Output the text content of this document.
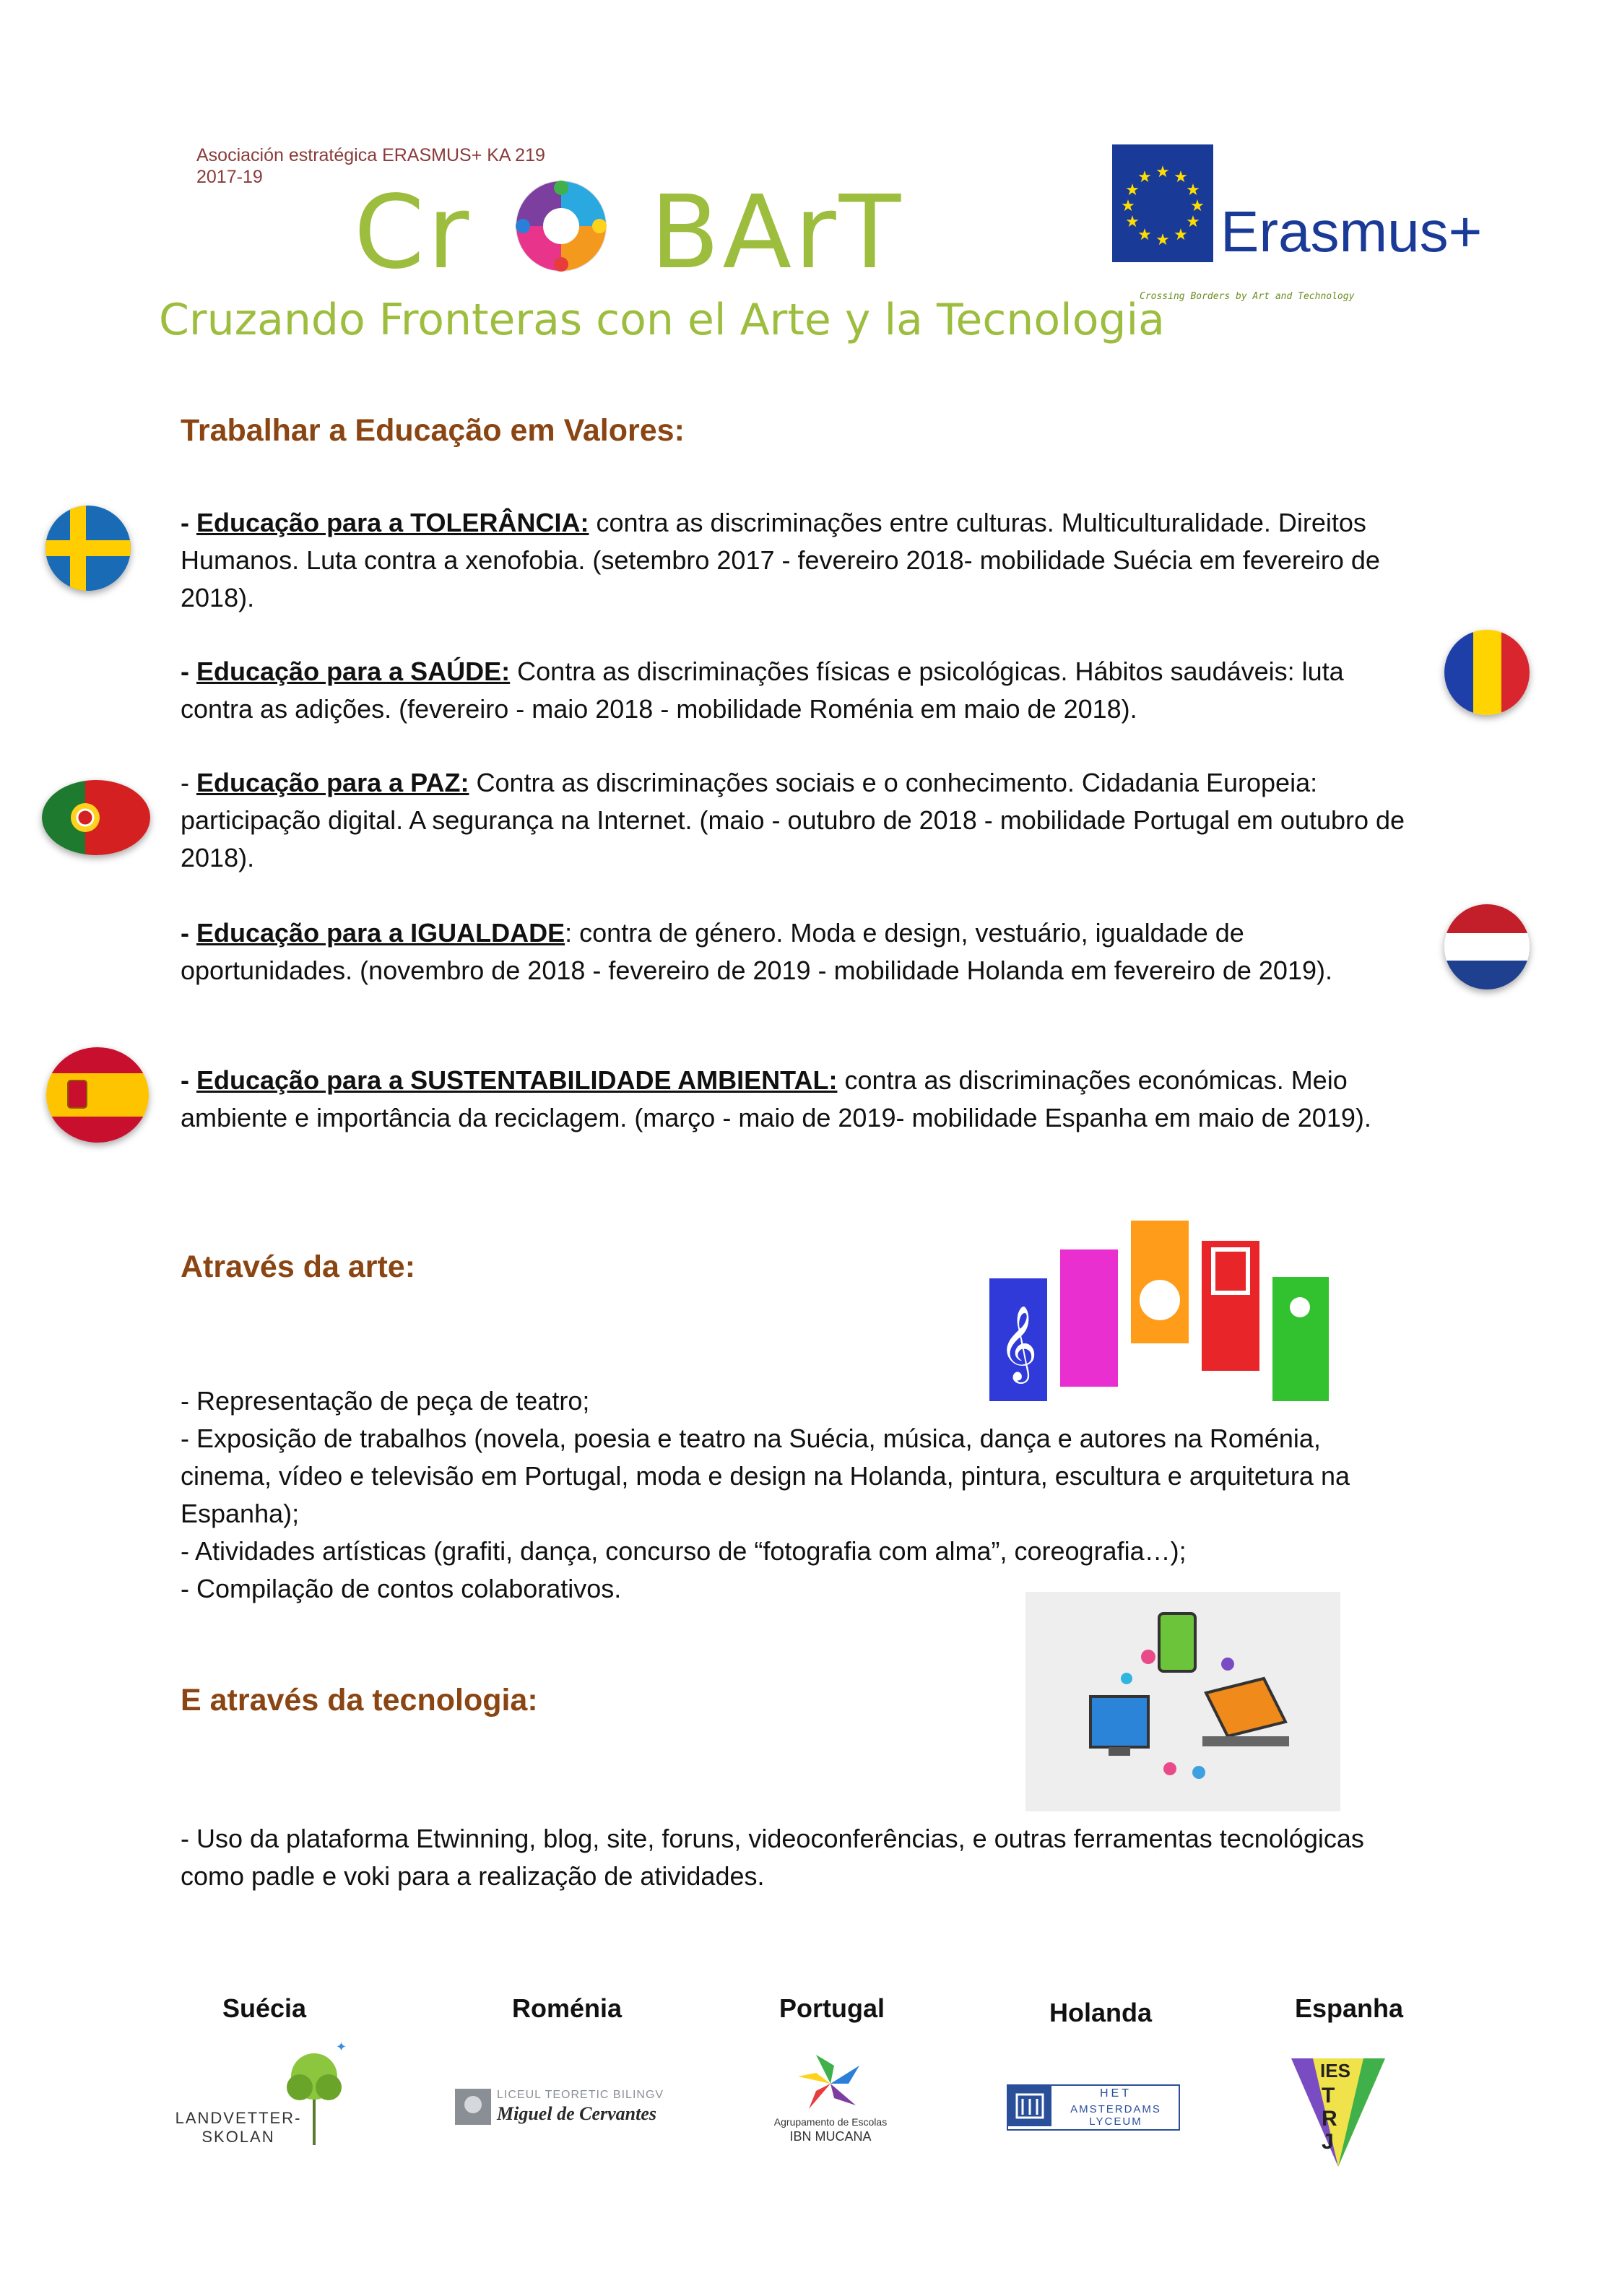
Asociación estratégica ERASMUS+ KA 219
2017-19 Cr BArT
Cruzando Fronteras con el Arte y la Tecnologia
★ ★
★
★
★
★
★
★
★
★
★
★
Erasmus+
Crossing Borders by Art and Technology
Trabalhar a Educação em Valores:
- Educação para a TOLERÂNCIA: contra as discriminações entre culturas. Multiculturalidade. Direitos Humanos. Luta contra a xenofobia. (setembro 2017 - fevereiro 2018- mobilidade Suécia em fevereiro de 2018).
- Educação para a SAÚDE: Contra as discriminações físicas e psicológicas. Hábitos saudáveis: luta contra as adições. (fevereiro - maio 2018 - mobilidade Roménia em maio de 2018).
- Educação para a PAZ: Contra as discriminações sociais e o conhecimento. Cidadania Europeia: participação digital. A segurança na Internet. (maio - outubro de 2018 - mobilidade Portugal em outubro de 2018).
- Educação para a IGUALDADE: contra de género. Moda e design, vestuário, igualdade de oportunidades. (novembro de 2018 - fevereiro de 2019 - mobilidade Holanda em fevereiro de 2019).
- Educação para a SUSTENTABILIDADE AMBIENTAL: contra as discriminações económicas. Meio ambiente e importância da reciclagem. (março - maio de 2019- mobilidade Espanha em maio de 2019).
Através da arte:
𝄞
- Representação de peça de teatro;
- Exposição de trabalhos (novela, poesia e teatro na Suécia, música, dança e autores na Roménia, cinema, vídeo e televisão em Portugal, moda e design na Holanda, pintura, escultura e arquitetura na Espanha);
- Atividades artísticas (grafiti, dança, concurso de “fotografia com alma”, coreografia…);
- Compilação de contos colaborativos.
E através da tecnologia:
- Uso da plataforma Etwinning, blog, site, foruns, videoconferências, e outras ferramentas tecnológicas como padle e voki para a realização de atividades.
Suécia	Roménia	Portugal	Holanda	Espanha
✦
LANDVETTER-
SKOLAN
LICEUL TEORETIC BILINGV
Miguel de Cervantes	Agrupamento de Escolas
IBN MUCANA
HET
AMSTERDAMS LYCEUM
IES
TRJ
